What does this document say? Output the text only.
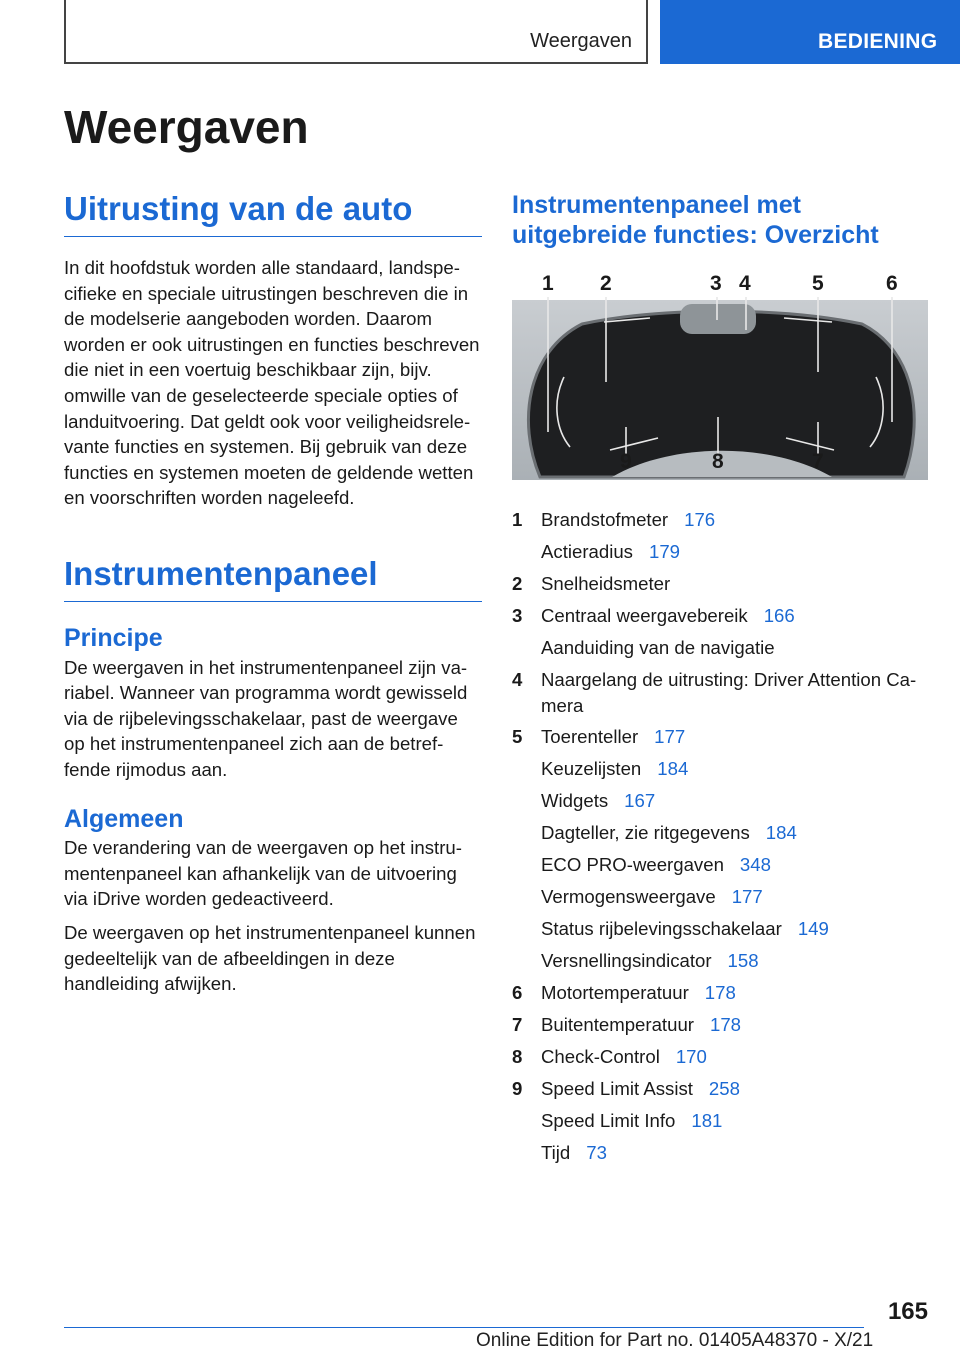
Weergaven	BEDIENING
Weergaven
Uitrusting van de auto

In dit hoofdstuk worden alle standaard, landspecifieke en speciale uitrustingen beschreven die in de modelserie aangeboden worden. Daarom worden er ook uitrustingen en functies beschreven die niet in een voertuig beschikbaar zijn, bijv. omwille van de geselecteerde speciale opties of landuitvoering. Dat geldt ook voor veiligheidsrelevante functies en systemen. Bij gebruik van deze functies en systemen moeten de geldende wetten en voorschriften worden nageleefd.

Instrumentenpaneel
Principe

De weergaven in het instrumentenpaneel zijn variabel. Wanneer van programma wordt gewisseld via de rijbelevingsschakelaar, past de weergave op het instrumentenpaneel zich aan de betreffende rijmodus aan.

Algemeen

De verandering van de weergaven op het instrumentenpaneel kan afhankelijk van de uitvoering via iDrive worden gedeactiveerd.

De weergaven op het instrumentenpaneel kunnen gedeeltelijk van de afbeeldingen in deze handleiding afwijken.

Instrumentenpaneel met uitgebreide functies: Overzicht
1 2	3 4	5	6
7
8
9
1	Brandstofmeter 176
Actieradius 179
2	Snelheidsmeter
3	Centraal weergavebereik 166
Aanduiding van de navigatie
4	Naargelang de uitrusting: Driver Attention Camera
5	Toerenteller 177
Keuzelijsten 184
Widgets 167
Dagteller, zie ritgegevens 184
ECO PRO-weergaven 348
Vermogensweergave 177
Status rijbelevingsschakelaar 149
Versnellingsindicator 158
6	Motortemperatuur 178
7	Buitentemperatuur 178
8	Check-Control 170
9	Speed Limit Assist 258
Speed Limit Info 181
Tijd 73
165
Online Edition for Part no. 01405A48370 - X/21
